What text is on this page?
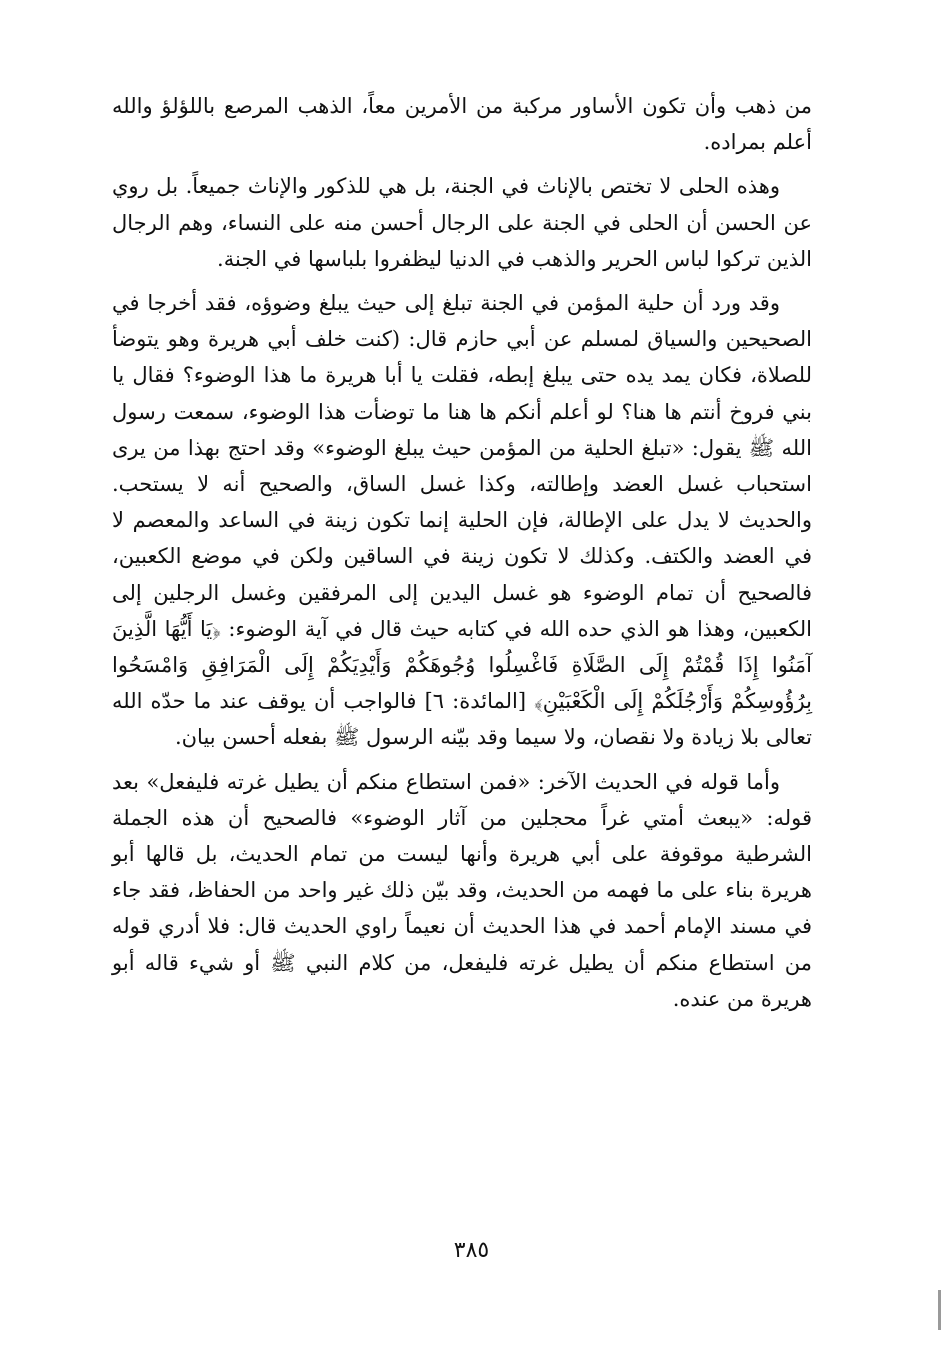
من ذهب وأن تكون الأساور مركبة من الأمرين معاً، الذهب المرصع باللؤلؤ والله أعلم بمراده.

وهذه الحلى لا تختص بالإناث في الجنة، بل هي للذكور والإناث جميعاً. بل روي عن الحسن أن الحلى في الجنة على الرجال أحسن منه على النساء، وهم الرجال الذين تركوا لباس الحرير والذهب في الدنيا ليظفروا بلباسها في الجنة.

وقد ورد أن حلية المؤمن في الجنة تبلغ إلى حيث يبلغ وضوؤه، فقد أخرجا في الصحيحين والسياق لمسلم عن أبي حازم قال: (كنت خلف أبي هريرة وهو يتوضأ للصلاة، فكان يمد يده حتى يبلغ إبطه، فقلت يا أبا هريرة ما هذا الوضوء؟ فقال يا بني فروخ أنتم ها هنا؟ لو أعلم أنكم ها هنا ما توضأت هذا الوضوء، سمعت رسول الله ﷺ يقول: «تبلغ الحلية من المؤمن حيث يبلغ الوضوء» وقد احتج بهذا من يرى استحباب غسل العضد وإطالته، وكذا غسل الساق، والصحيح أنه لا يستحب. والحديث لا يدل على الإطالة، فإن الحلية إنما تكون زينة في الساعد والمعصم لا في العضد والكتف. وكذلك لا تكون زينة في الساقين ولكن في موضع الكعبين، فالصحيح أن تمام الوضوء هو غسل اليدين إلى المرفقين وغسل الرجلين إلى الكعبين، وهذا هو الذي حده الله في كتابه حيث قال في آية الوضوء: ﴿يَا أَيُّهَا الَّذِينَ آمَنُوا إِذَا قُمْتُمْ إِلَى الصَّلَاةِ فَاغْسِلُوا وُجُوهَكُمْ وَأَيْدِيَكُمْ إِلَى الْمَرَافِقِ وَامْسَحُوا بِرُؤُوسِكُمْ وَأَرْجُلَكُمْ إِلَى الْكَعْبَيْنِ﴾ [المائدة: ٦] فالواجب أن يوقف عند ما حدّه الله تعالى بلا زيادة ولا نقصان، ولا سيما وقد بيّنه الرسول ﷺ بفعله أحسن بيان.

وأما قوله في الحديث الآخر: «فمن استطاع منكم أن يطيل غرته فليفعل» بعد قوله: «يبعث أمتي غراً محجلين من آثار الوضوء» فالصحيح أن هذه الجملة الشرطية موقوفة على أبي هريرة وأنها ليست من تمام الحديث، بل قالها أبو هريرة بناء على ما فهمه من الحديث، وقد بيّن ذلك غير واحد من الحفاظ، فقد جاء في مسند الإمام أحمد في هذا الحديث أن نعيماً راوي الحديث قال: فلا أدري قوله من استطاع منكم أن يطيل غرته فليفعل، من كلام النبي ﷺ أو شيء قاله أبو هريرة من عنده.

٣٨٥
